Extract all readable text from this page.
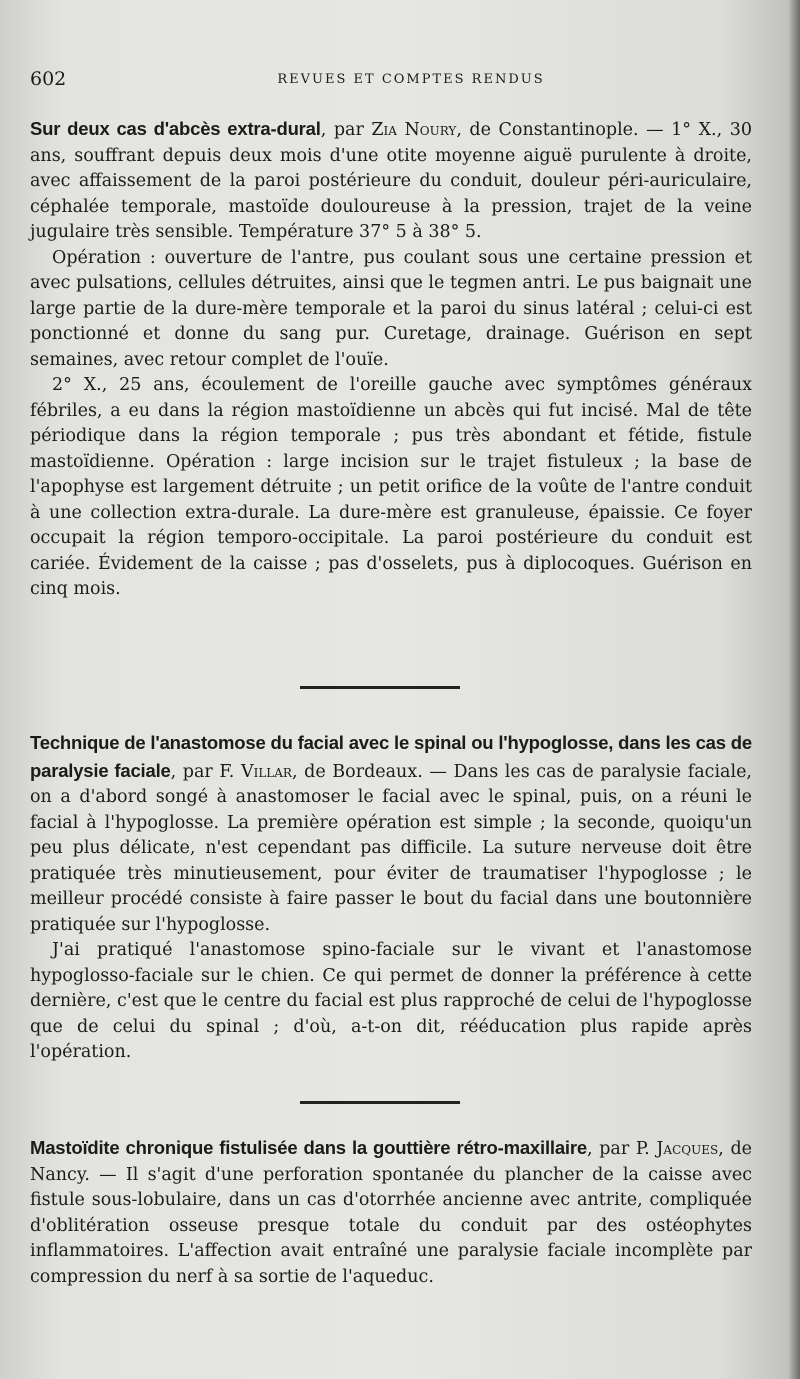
602	REVUES ET COMPTES RENDUS

Sur deux cas d'abcès extra-dural, par Zia Noury, de Constantinople. — 1° X., 30 ans, souffrant depuis deux mois d'une otite moyenne aiguë purulente à droite, avec affaissement de la paroi postérieure du conduit, douleur péri-auriculaire, céphalée temporale, mastoïde douloureuse à la pression, trajet de la veine jugulaire très sensible. Température 37° 5 à 38° 5.

Opération : ouverture de l'antre, pus coulant sous une certaine pression et avec pulsations, cellules détruites, ainsi que le tegmen antri. Le pus baignait une large partie de la dure-mère temporale et la paroi du sinus latéral ; celui-ci est ponctionné et donne du sang pur. Curetage, drainage. Guérison en sept semaines, avec retour complet de l'ouïe.

2° X., 25 ans, écoulement de l'oreille gauche avec symptômes généraux fébriles, a eu dans la région mastoïdienne un abcès qui fut incisé. Mal de tête périodique dans la région temporale ; pus très abondant et fétide, fistule mastoïdienne. Opération : large incision sur le trajet fistuleux ; la base de l'apophyse est largement détruite ; un petit orifice de la voûte de l'antre conduit à une collection extra-durale. La dure-mère est granuleuse, épaissie. Ce foyer occupait la région temporo-occipitale. La paroi postérieure du conduit est cariée. Évidement de la caisse ; pas d'osselets, pus à diplocoques. Guérison en cinq mois.

Technique de l'anastomose du facial avec le spinal ou l'hypoglosse, dans les cas de paralysie faciale, par F. Villar, de Bordeaux. — Dans les cas de paralysie faciale, on a d'abord songé à anastomoser le facial avec le spinal, puis, on a réuni le facial à l'hypoglosse. La première opération est simple ; la seconde, quoiqu'un peu plus délicate, n'est cependant pas difficile. La suture nerveuse doit être pratiquée très minutieusement, pour éviter de traumatiser l'hypoglosse ; le meilleur procédé consiste à faire passer le bout du facial dans une boutonnière pratiquée sur l'hypoglosse.

J'ai pratiqué l'anastomose spino-faciale sur le vivant et l'anastomose hypoglosso-faciale sur le chien. Ce qui permet de donner la préférence à cette dernière, c'est que le centre du facial est plus rapproché de celui de l'hypoglosse que de celui du spinal ; d'où, a-t-on dit, rééducation plus rapide après l'opération.

Mastoïdite chronique fistulisée dans la gouttière rétro-maxillaire, par P. Jacques, de Nancy. — Il s'agit d'une perforation spontanée du plancher de la caisse avec fistule sous-lobulaire, dans un cas d'otorrhée ancienne avec antrite, compliquée d'oblitération osseuse presque totale du conduit par des ostéophytes inflammatoires. L'affection avait entraîné une paralysie faciale incomplète par compression du nerf à sa sortie de l'aqueduc.
